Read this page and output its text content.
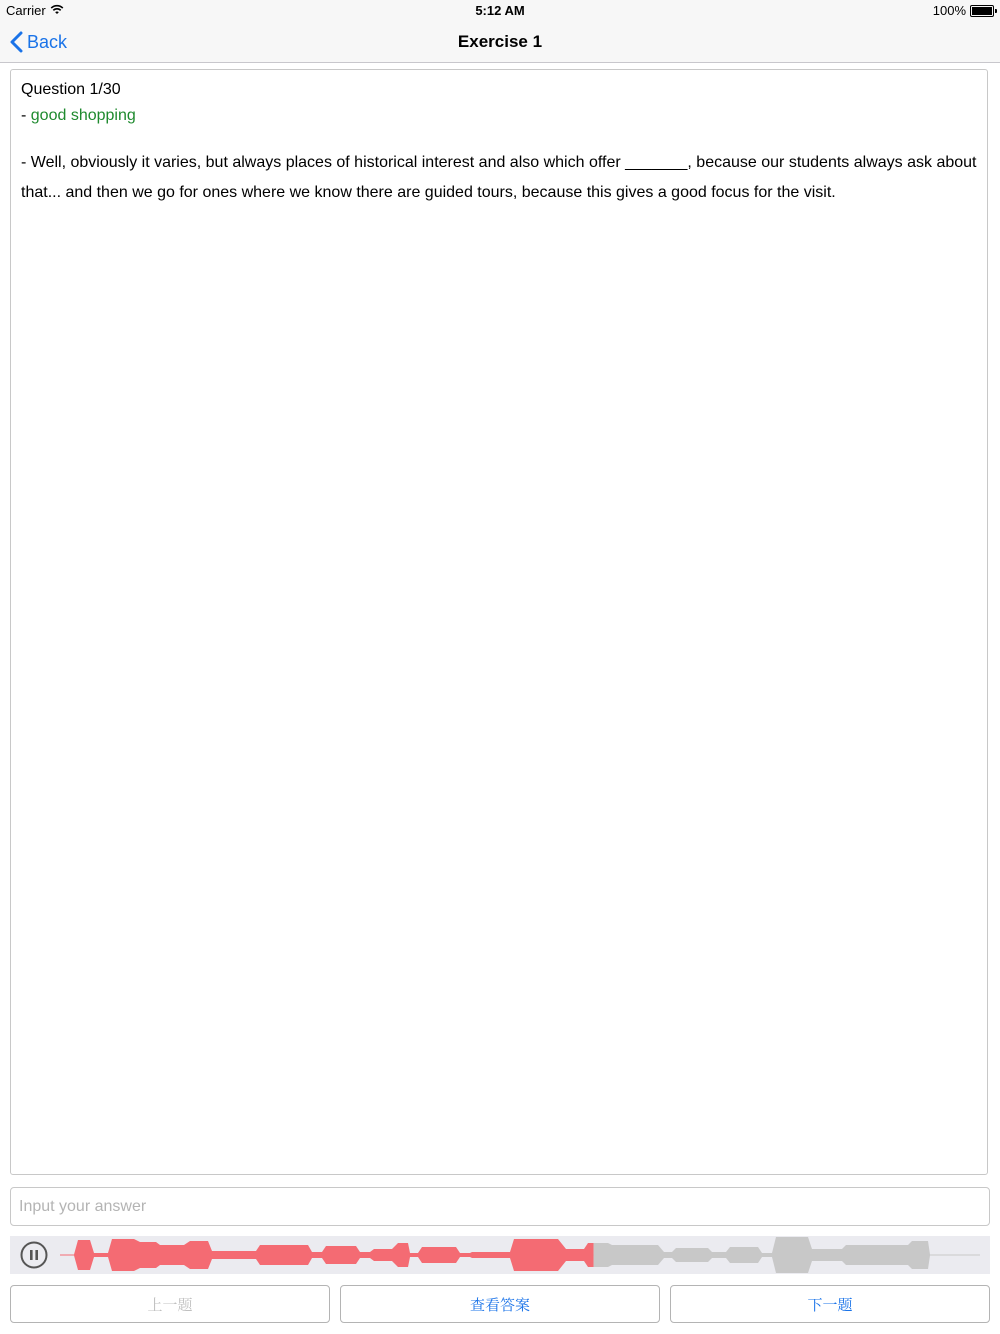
Carrier	5:12 AM	100%
Back	Exercise 1
Question 1/30
- good shopping
- Well, obviously it varies, but always places of historical interest and also which offer _______, because our students always ask about that... and then we go for ones where we know there are guided tours, because this gives a good focus for the visit.
Input your answer
上一题	查看答案	下一题
